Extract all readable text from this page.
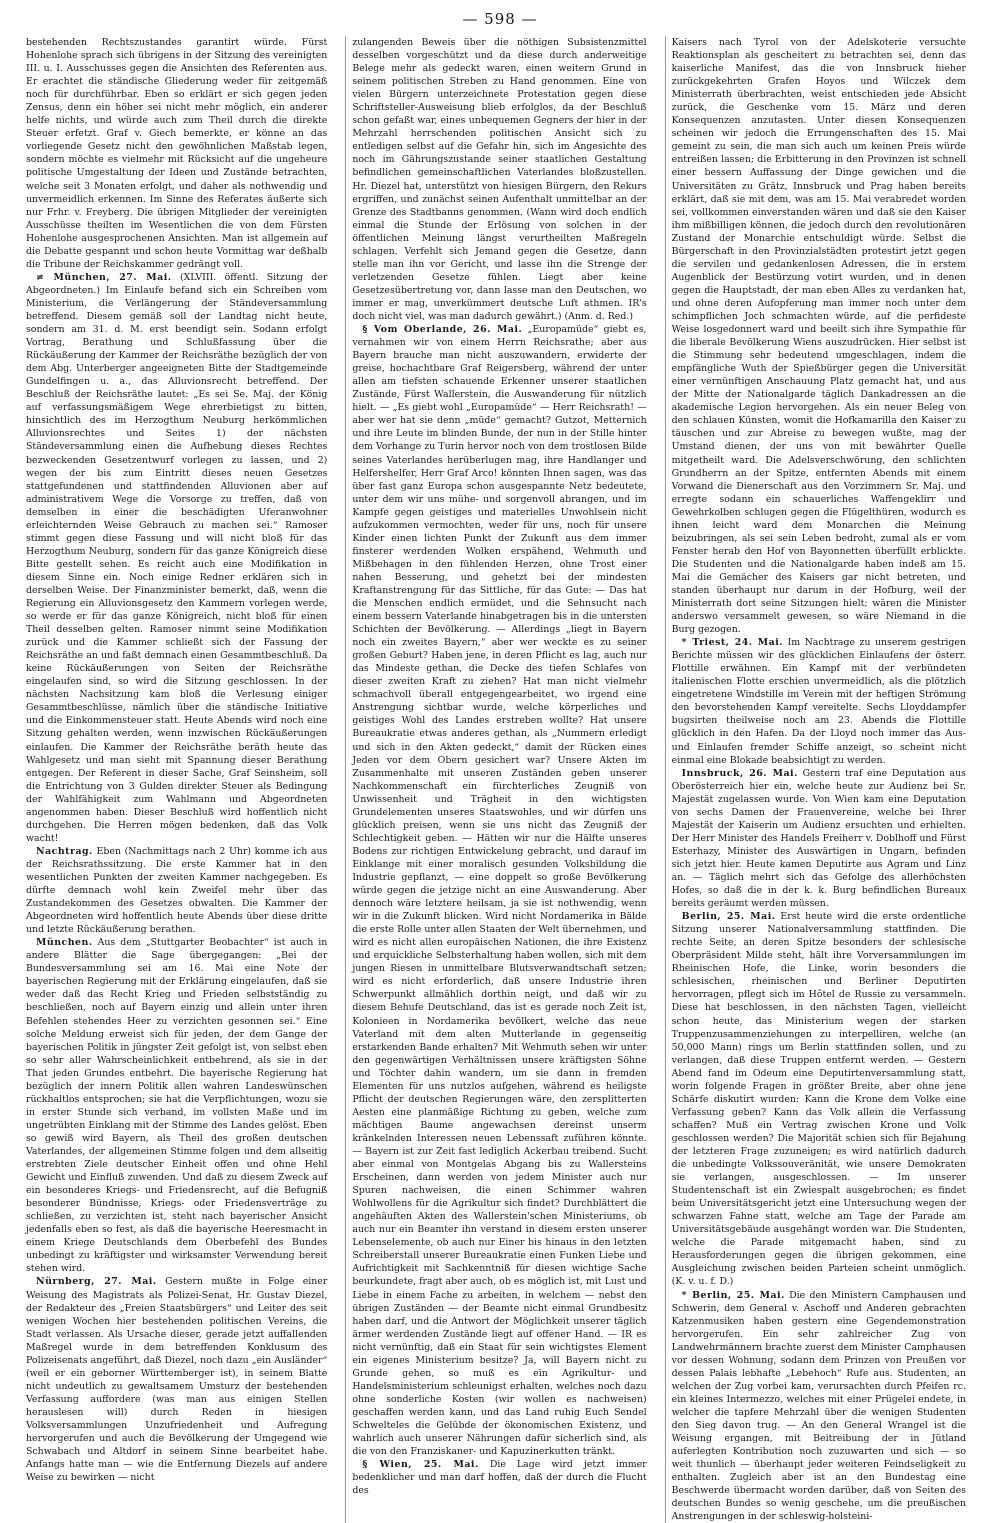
— 598 —

bestehenden Rechtszustandes garantirt würde. Fürst Hohenlohe sprach sich übrigens in der Sitzung des vereinigten III. u. I. Ausschusses gegen die Ansichten des Referenten aus. Er erachtet die ständische Gliederung weder für zeitgemäß noch für durchführbar. Eben so erklärt er sich gegen jeden Zensus, denn ein höher sei nicht mehr möglich, ein anderer helfe nichts, und würde auch zum Theil durch die direkte Steuer erfetzt. Graf v. Giech bemerkte, er könne an das vorliegende Gesetz nicht den gewöhnlichen Maßstab legen, sondern möchte es vielmehr mit Rücksicht auf die ungeheure politische Umgestaltung der Ideen und Zustände betrachten, welche seit 3 Monaten erfolgt, und daher als nothwendig und unvermeidlich erkennen. Im Sinne des Referates äußerte sich nur Frhr. v. Freyberg. Die übrigen Mitglieder der vereinigten Ausschüsse theilten im Wesentlichen die von dem Fürsten Hohenlohe ausgesprochenen Ansichten. Man ist allgemein auf die Debatte gespannt und schon heute Vormittag war deßhalb die Tribune der Reichskammer gedrängt voll.

≠ München, 27. Mai. (XLVIII. öffentl. Sitzung der Abgeordneten.) Im Einlaufe befand sich ein Schreiben vom Ministerium, die Verlängerung der Ständeversammlung betreffend. Diesem gemäß soll der Landtag nicht heute, sondern am 31. d. M. erst beendigt sein. Sodann erfolgt Vortrag, Berathung und Schlußfassung über die Rückäußerung der Kammer der Reichsräthe bezüglich der von dem Abg. Unterberger angeeigneten Bitte der Stadtgemeinde Gundelfingen u. a., das Alluvionsrecht betreffend. Der Beschluß der Reichsräthe lautet: „Es sei Se. Maj. der König auf verfassungsmäßigem Wege ehrerbietigst zu bitten, hinsichtlich des im Herzogthum Neuburg herkömmlichen Alluvionsrechtes und Seites 1) der nächsten Ständeversammlung einen die Aufhebung dieses Rechtes bezweckenden Gesetzentwurf vorlegen zu lassen, und 2) wegen der bis zum Eintritt dieses neuen Gesetzes stattgefundenen und stattfindenden Alluvionen aber auf administrativem Wege die Vorsorge zu treffen, daß von demselben in einer die beschädigten Uferanwohner erleichternden Weise Gebrauch zu machen sei.“ Ramoser stimmt gegen diese Fassung und will nicht bloß für das Herzogthum Neuburg, sondern für das ganze Königreich diese Bitte gestellt sehen. Es reicht auch eine Modifikation in diesem Sinne ein. Noch einige Redner erklären sich in derselben Weise. Der Finanzminister bemerkt, daß, wenn die Regierung ein Alluvionsgesetz den Kammern vorlegen werde, so werde er für das ganze Königreich, nicht bloß für einen Theil desselben gelten. Ramoser nimmt seine Modifikation zurück und die Kammer schließt sich der Fassung der Reichsräthe an und faßt demnach einen Gesammtbeschluß. Da keine Rückäußerungen von Seiten der Reichsräthe eingelaufen sind, so wird die Sitzung geschlossen. In der nächsten Nachsitzung kam bloß die Verlesung einiger Gesammtbeschlüsse, nämlich über die ständische Initiative und die Einkommensteuer statt. Heute Abends wird noch eine Sitzung gehalten werden, wenn inzwischen Rückäußerungen einlaufen. Die Kammer der Reichsräthe beräth heute das Wahlgesetz und man sieht mit Spannung dieser Berathung entgegen. Der Referent in dieser Sache, Graf Seinsheim, soll die Entrichtung von 3 Gulden direkter Steuer als Bedingung der Wahlfähigkeit zum Wahlmann und Abgeordneten angenommen haben. Dieser Beschluß wird hoffentlich nicht durchgehen. Die Herren mögen bedenken, daß das Volk wacht!

Nachtrag. Eben (Nachmittags nach 2 Uhr) komme ich aus der Reichsrathssitzung. Die erste Kammer hat in den wesentlichen Punkten der zweiten Kammer nachgegeben. Es dürfte demnach wohl kein Zweifel mehr über das Zustandekommen des Gesetzes obwalten. Die Kammer der Abgeordneten wird hoffentlich heute Abends über diese dritte und letzte Rückäußerung berathen.

München. Aus dem „Stuttgarter Beobachter“ ist auch in andere Blätter die Sage übergegangen: „Bei der Bundesversammlung sei am 16. Mai eine Note der bayerischen Regierung mit der Erklärung eingelaufen, daß sie weder daß das Recht Krieg und Frieden selbstständig zu beschließen, noch auf Bayern einzig und allein unter ihren Befehlen stehendes Heer zu verzichten gesonnen sei.“ Eine solche Meldung erweist sich für jeden, der dem Gange der bayerischen Politik in jüngster Zeit gefolgt ist, von selbst eben so sehr aller Wahrscheinlichkeit entbehrend, als sie in der That jeden Grundes entbehrt. Die bayerische Regierung hat bezüglich der innern Politik allen wahren Landeswünschen rückhaltlos entsprochen; sie hat die Verpflichtungen, wozu sie in erster Stunde sich verband, im vollsten Maße und im ungetrübten Einklang mit der Stimme des Landes gelöst. Eben so gewiß wird Bayern, als Theil des großen deutschen Vaterlandes, der allgemeinen Stimme folgen und dem allseitig erstrebten Ziele deutscher Einheit offen und ohne Hehl Gewicht und Einfluß zuwenden. Und daß zu diesem Zweck auf ein besonderes Kriegs- und Friedensrecht, auf die Befugniß besonderer Bündnisse, Kriegs- oder Friedensverträge zu schließen, zu verzichten ist, steht nach bayerischer Ansicht jedenfalls eben so fest, als daß die bayerische Heeresmacht in einem Kriege Deutschlands dem Oberbefehl des Bundes unbedingt zu kräftigster und wirksamster Verwendung bereit stehen wird.

Nürnberg, 27. Mai. Gestern mußte in Folge einer Weisung des Magistrats als Polizei-Senat, Hr. Gustav Diezel, der Redakteur des „Freien Staatsbürgers“ und Leiter des seit wenigen Wochen hier bestehenden politischen Vereins, die Stadt verlassen. Als Ursache dieser, gerade jetzt auffallenden Maßregel wurde in dem betreffenden Konklusum des Polizeisenats angeführt, daß Diezel, noch dazu „ein Ausländer“ (weil er ein geborner Württemberger ist), in seinem Blatte nicht undeutlich zu gewaltsamem Umsturz der bestehenden Verfassung auffordere (was man aus einigen Stellen herauslesen will) durch Reden in hiesigen Volksversammlungen Unzufriedenheit und Aufregung hervorgerufen und auch die Bevölkerung der Umgegend wie Schwabach und Altdorf in seinem Sinne bearbeitet habe. Anfangs hatte man — wie die Entfernung Diezels auf andere Weise zu bewirken — nicht

zulangenden Beweis über die nöthigen Subsistenzmittel desselben vorgeschützt und da diese durch anderweitige Belege mehr als gedeckt waren, einen weitern Grund in seinem politischen Streben zu Hand genommen. Eine von vielen Bürgern unterzeichnete Protestation gegen diese Schriftsteller-Ausweisung blieb erfolglos, da der Beschluß schon gefaßt war, eines unbequemen Gegners der hier in der Mehrzahl herrschenden politischen Ansicht sich zu entledigen selbst auf die Gefahr hin, sich im Angesichte des noch im Gährungszustande seiner staatlichen Gestaltung befindlichen gemeinschaftlichen Vaterlandes bloßzustellen. Hr. Diezel hat, unterstützt von hiesigen Bürgern, den Rekurs ergriffen, und zunächst seinen Aufenthalt unmittelbar an der Grenze des Stadtbanns genommen. (Wann wird doch endlich einmal die Stunde der Erlösung von solchen in der öffentlichen Meinung längst verurtheilten Maßregeln schlagen. Verfehlt sich Jemand gegen die Gesetze, dann stelle man ihn vor Gericht, und lasse ihn die Strenge der verletzenden Gesetze fühlen. Liegt aber keine Gesetzesübertretung vor, dann lasse man den Deutschen, wo immer er mag, unverkümmert deutsche Luft athmen. IR's doch nicht viel, was man dadurch gewährt.) (Anm. d. Red.)

§ Vom Oberlande, 26. Mai. „Europamüde“ giebt es, vernahmen wir von einem Herrn Reichsrathe; aber aus Bayern brauche man nicht auszuwandern, erwiderte der greise, hochachtbare Graf Reigersberg, während der unter allen am tiefsten schauende Erkenner unserer staatlichen Zustände, Fürst Wallerstein, die Auswanderung für nützlich hielt. — „Es giebt wohl „Europamüde“ — Herr Reichsrath! — aber wer hat sie denn „müde“ gemacht? Gutzot, Metternich und ihre Leute im blinden Bunde, der nun in der Stille hinter dem Vorhange zu Turin hervor noch von dem trostlosen Bilde seines Vaterlandes herüberlugen mag, ihre Handlanger und Helfershelfer, Herr Graf Arco! könnten Ihnen sagen, was das über fast ganz Europa schon ausgespannte Netz bedeutete, unter dem wir uns mühe- und sorgenvoll abrangen, und im Kampfe gegen geistiges und materielles Unwohlsein nicht aufzukommen vermochten, weder für uns, noch für unsere Kinder einen lichten Punkt der Zukunft aus dem immer finsterer werdenden Wolken erspähend, Wehmuth und Mißbehagen in den fühlenden Herzen, ohne Trost einer nahen Besserung, und gehetzt bei der mindesten Kraftanstrengung für das Sittliche, für das Gute: — Das hat die Menschen endlich ermüdet, und die Sehnsucht nach einem bessern Vaterlande hinabgetragen bis in die untersten Schichten der Bevölkerung. — Allerdings „liegt in Bayern noch ein zweites Bayern,“ aber wer weckte es zu seiner großen Geburt? Haben jene, in deren Pflicht es lag, auch nur das Mindeste gethan, die Decke des tiefen Schlafes von dieser zweiten Kraft zu ziehen? Hat man nicht vielmehr schmachvoll überall entgegengearbeitet, wo irgend eine Anstrengung sichtbar wurde, welche körperliches und geistiges Wohl des Landes erstreben wollte? Hat unsere Bureaukratie etwas anderes gethan, als „Nummern erledigt und sich in den Akten gedeckt,“ damit der Rücken eines Jeden vor dem Obern gesichert war? Unsere Akten im Zusammenhalte mit unseren Zuständen geben unserer Nachkommenschaft ein fürchterliches Zeugniß von Unwissenheit und Trägheit in den wichtigsten Grundelementen unseres Staatswohles, und wir dürfen uns glücklich preisen, wenn sie uns nicht das Zeugniß der Schlechtigkeit geben. — Hätten wir nur die Hälfte unseres Bodens zur richtigen Entwickelung gebracht, und darauf im Einklange mit einer moralisch gesunden Volksbildung die Industrie gepflanzt, — eine doppelt so große Bevölkerung würde gegen die jetzige nicht an eine Auswanderung. Aber dennoch wäre letztere heilsam, ja sie ist nothwendig, wenn wir in die Zukunft blicken. Wird nicht Nordamerika in Bälde die erste Rolle unter allen Staaten der Welt übernehmen, und wird es nicht allen europäischen Nationen, die ihre Existenz und erquickliche Selbsterhaltung haben wollen, sich mit dem jungen Riesen in unmittelbare Blutsverwandtschaft setzen; wird es nicht erforderlich, daß unsere Industrie ihren Schwerpunkt allmählich dorthin neigt, und daß wir zu diesem Behufe Deutschland, das ist es gerade noch Zeit ist, Kolonieen in Nordamerika bevölkert, welche das neue Vaterland mit dem alten Mutterlande in gegenseitig erstarkenden Bande erhalten? Mit Wehmuth sehen wir unter den gegenwärtigen Verhältnissen unsere kräftigsten Söhne und Töchter dahin wandern, um sie dann in fremden Elementen für uns nutzlos aufgehen, während es heiligste Pflicht der deutschen Regierungen wäre, den zersplitterten Aesten eine planmäßige Richtung zu geben, welche zum mächtigen Baume angewachsen dereinst unserm kränkelnden Interessen neuen Lebenssaft zuführen könnte. — Bayern ist zur Zeit fast lediglich Ackerbau treibend. Sucht aber einmal von Montgelas Abgang bis zu Wallersteins Erscheinen, dann werden von jedem Minister auch nur Spuren nachweisen, die einen Schimmer wahren Wohlwollens für die Agrikultur sich findet? Durchblättert die angehäuften Akten des Wallerstein'schen Ministeriums, ob auch nur ein Beamter ihn verstand in diesem ersten unserer Lebenselemente, ob auch nur Einer bis hinaus in den letzten Schreiberstall unserer Bureaukratie einen Funken Liebe und Aufrichtigkeit mit Sachkenntniß für diesen wichtige Sache beurkundete, fragt aber auch, ob es möglich ist, mit Lust und Liebe in einem Fache zu arbeiten, in welchem — nebst den übrigen Zuständen — der Beamte nicht einmal Grundbesitz haben darf, und die Antwort der Möglichkeit unserer täglich ärmer werdenden Zustände liegt auf offener Hand. — IR es nicht vernünftig, daß ein Staat für sein wichtigstes Element ein eigenes Ministerium besitze? Ja, will Bayern nicht zu Grunde gehen, so muß es ein Agrikultur- und Handelsministerium schleunigst erhalten, welches noch dazu ohne sonderliche Kosten (wir wollen es nachweisen) geschaffen werden kann, und das Land ruhig Euch Sendel Schwelteles die Gelübde der ökonomischen Existenz, und wahrlich auch unserer Nährungen dafür sicherlich sind, als die von den Franziskaner- und Kapuzinerkutten tränkt.

§ Wien, 25. Mai. Die Lage wird jetzt immer bedenklicher und man darf hoffen, daß der durch die Flucht des

Kaisers nach Tyrol von der Adelskoterie versuchte Reaktionsplan als gescheitert zu betrachten sei, denn das kaiserliche Manifest, das die von Innsbruck hieher zurückgekehrten Grafen Hoyos und Wilczek dem Ministerrath überbrachten, weist entschieden jede Absicht zurück, die Geschenke vom 15. März und deren Konsequenzen anzutasten. Unter diesen Konsequenzen scheinen wir jedoch die Errungenschaften des 15. Mai gemeint zu sein, die man sich auch um keinen Preis würde entreißen lassen; die Erbitterung in den Provinzen ist schnell einer bessern Auffassung der Dinge gewichen und die Universitäten zu Grätz, Innsbruck und Prag haben bereits erklärt, daß sie mit dem, was am 15. Mai verabredet worden sei, vollkommen einverstanden wären und daß sie den Kaiser ihm mißbilligen können, die jedoch durch den revolutionären Zustand der Monarchie entschuldigt würde. Selbst die Bürgerschaft in den Provinzialstädten protestirt jetzt gegen die servilen und gedankenlosen Adressen, die in erstem Augenblick der Bestürzung votirt wurden, und in denen gegen die Hauptstadt, der man eben Alles zu verdanken hat, und ohne deren Aufopferung man immer noch unter dem schimpflichen Joch schmachten würde, auf die perfideste Weise losgedonnert ward und beeilt sich ihre Sympathie für die liberale Bevölkerung Wiens auszudrücken. Hier selbst ist die Stimmung sehr bedeutend umgeschlagen, indem die empfängliche Wuth der Spießbürger gegen die Universität einer vernünftigen Anschauung Platz gemacht hat, und aus der Mitte der Nationalgarde täglich Dankadressen an die akademische Legion hervorgehen. Als ein neuer Beleg von den schlauen Künsten, womit die Hofkamarilla den Kaiser zu täuschen und zur Abreise zu bewegen wußte, mag der Umstand dienen, der uns von mit bewährter Quelle mitgetheilt ward. Die Adelsverschwörung, den schlichten Grundherrn an der Spitze, entfernten Abends mit einem Vorwand die Dienerschaft aus den Vorzimmern Sr. Maj. und erregte sodann ein schauerliches Waffengeklirr und Gewehrkolben schlugen gegen die Flügelthüren, wodurch es ihnen leicht ward dem Monarchen die Meinung beizubringen, als sei sein Leben bedroht, zumal als er vom Fenster herab den Hof von Bayonnetten überfüllt erblickte. Die Studenten und die Nationalgarde haben indeß am 15. Mai die Gemächer des Kaisers gar nicht betreten, und standen überhaupt nur darum in der Hofburg, weil der Ministerrath dort seine Sitzungen hielt; wären die Minister anderswo versammelt gewesen, so wäre Niemand in die Burg gezogen.

* Triest, 24. Mai. Im Nachtrage zu unserem gestrigen Berichte müssen wir des glücklichen Einlaufens der österr. Flottille erwähnen. Ein Kampf mit der verbündeten italienischen Flotte erschien unvermeidlich, als die plötzlich eingetretene Windstille im Verein mit der heftigen Strömung den bevorstehenden Kampf vereitelte. Sechs Lloyddampfer bugsirten theilweise noch am 23. Abends die Flottille glücklich in den Hafen. Da der Lloyd noch immer das Aus- und Einlaufen fremder Schiffe anzeigt, so scheint nicht einmal eine Blokade beabsichtigt zu werden.

Innsbruck, 26. Mai. Gestern traf eine Deputation aus Oberösterreich hier ein, welche heute zur Audienz bei Sr. Majestät zugelassen wurde. Von Wien kam eine Deputation von sechs Damen der Frauenvereine, welche bei Ihrer Majestät der Kaiserin um Audienz ersuchten und erhielten. Der Herr Minister des Handels Freiherr v. Doblhoff und Fürst Esterhazy, Minister des Auswärtigen in Ungarn, befinden sich jetzt hier. Heute kamen Deputirte aus Agram und Linz an. — Täglich mehrt sich das Gefolge des allerhöchsten Hofes, so daß die in der k. k. Burg befindlichen Bureaux bereits geräumt werden müssen.

Berlin, 25. Mai. Erst heute wird die erste ordentliche Sitzung unserer Nationalversammlung stattfinden. Die rechte Seite, an deren Spitze besonders der schlesische Oberpräsident Milde steht, hält ihre Vorversammlungen im Rheinischen Hofe, die Linke, worin besonders die schlesischen, rheinischen und Berliner Deputirten hervorragen, pflegt sich im Hôtel de Russie zu versammeln. Diese hat beschlossen, in den nächsten Tagen, vielleicht schon heute, das Ministerium wegen der starken Truppenzusammenziehungen zu interpelliren, welche (an 50,000 Mann) rings um Berlin stattfinden sollen, und zu verlangen, daß diese Truppen entfernt werden. — Gestern Abend fand im Odeum eine Deputirtenversammlung statt, worin folgende Fragen in größter Breite, aber ohne jene Schärfe diskutirt wurden: Kann die Krone dem Volke eine Verfassung geben? Kann das Volk allein die Verfassung schaffen? Muß ein Vertrag zwischen Krone und Volk geschlossen werden? Die Majorität schien sich für Bejahung der letzteren Frage zuzuneigen; es wird natürlich dadurch die unbedingte Volkssouveränität, wie unsere Demokraten sie verlangen, ausgeschlossen. — Im unserer Studentenschaft ist ein Zwiespalt ausgebrochen; es findet beim Universitätsgericht jetzt eine Untersuchung wegen der schwarzen Fahne statt, welche am Tage der Parade am Universitätsgebäude ausgehängt worden war. Die Studenten, welche die Parade mitgemacht haben, sind zu Herausforderungen gegen die übrigen gekommen, eine Ausgleichung zwischen beiden Parteien scheint unmöglich. (K. v. u. f. D.)

* Berlin, 25. Mai. Die den Ministern Camphausen und Schwerin, dem General v. Aschoff und Anderen gebrachten Katzenmusiken haben gestern eine Gegendemonstration hervorgerufen. Ein sehr zahlreicher Zug von Landwehrmännern brachte zuerst dem Minister Camphausen vor dessen Wohnung, sodann dem Prinzen von Preußen vor dessen Palais lebhafte „Lebehoch“ Rufe aus. Studenten, an welchen der Zug vorbei kam, verursachten durch Pfeifen rc. ein kleines Intermezzo, welches mit einer Prügelei endete, in welcher die tapfere Mehrzahl über die wenigen Studenten den Sieg davon trug. — An den General Wrangel ist die Weisung ergangen, mit Beitreibung der in Jütland auferlegten Kontribution noch zuzuwarten und sich — so weit thunlich — überhaupt jeder weiteren Feindseligkeit zu enthalten. Zugleich aber ist an den Bundestag eine Beschwerde übermacht worden darüber, daß von Seiten des deutschen Bundes so wenig geschehe, um die preußischen Anstrengungen in der schleswig-holsteini-
